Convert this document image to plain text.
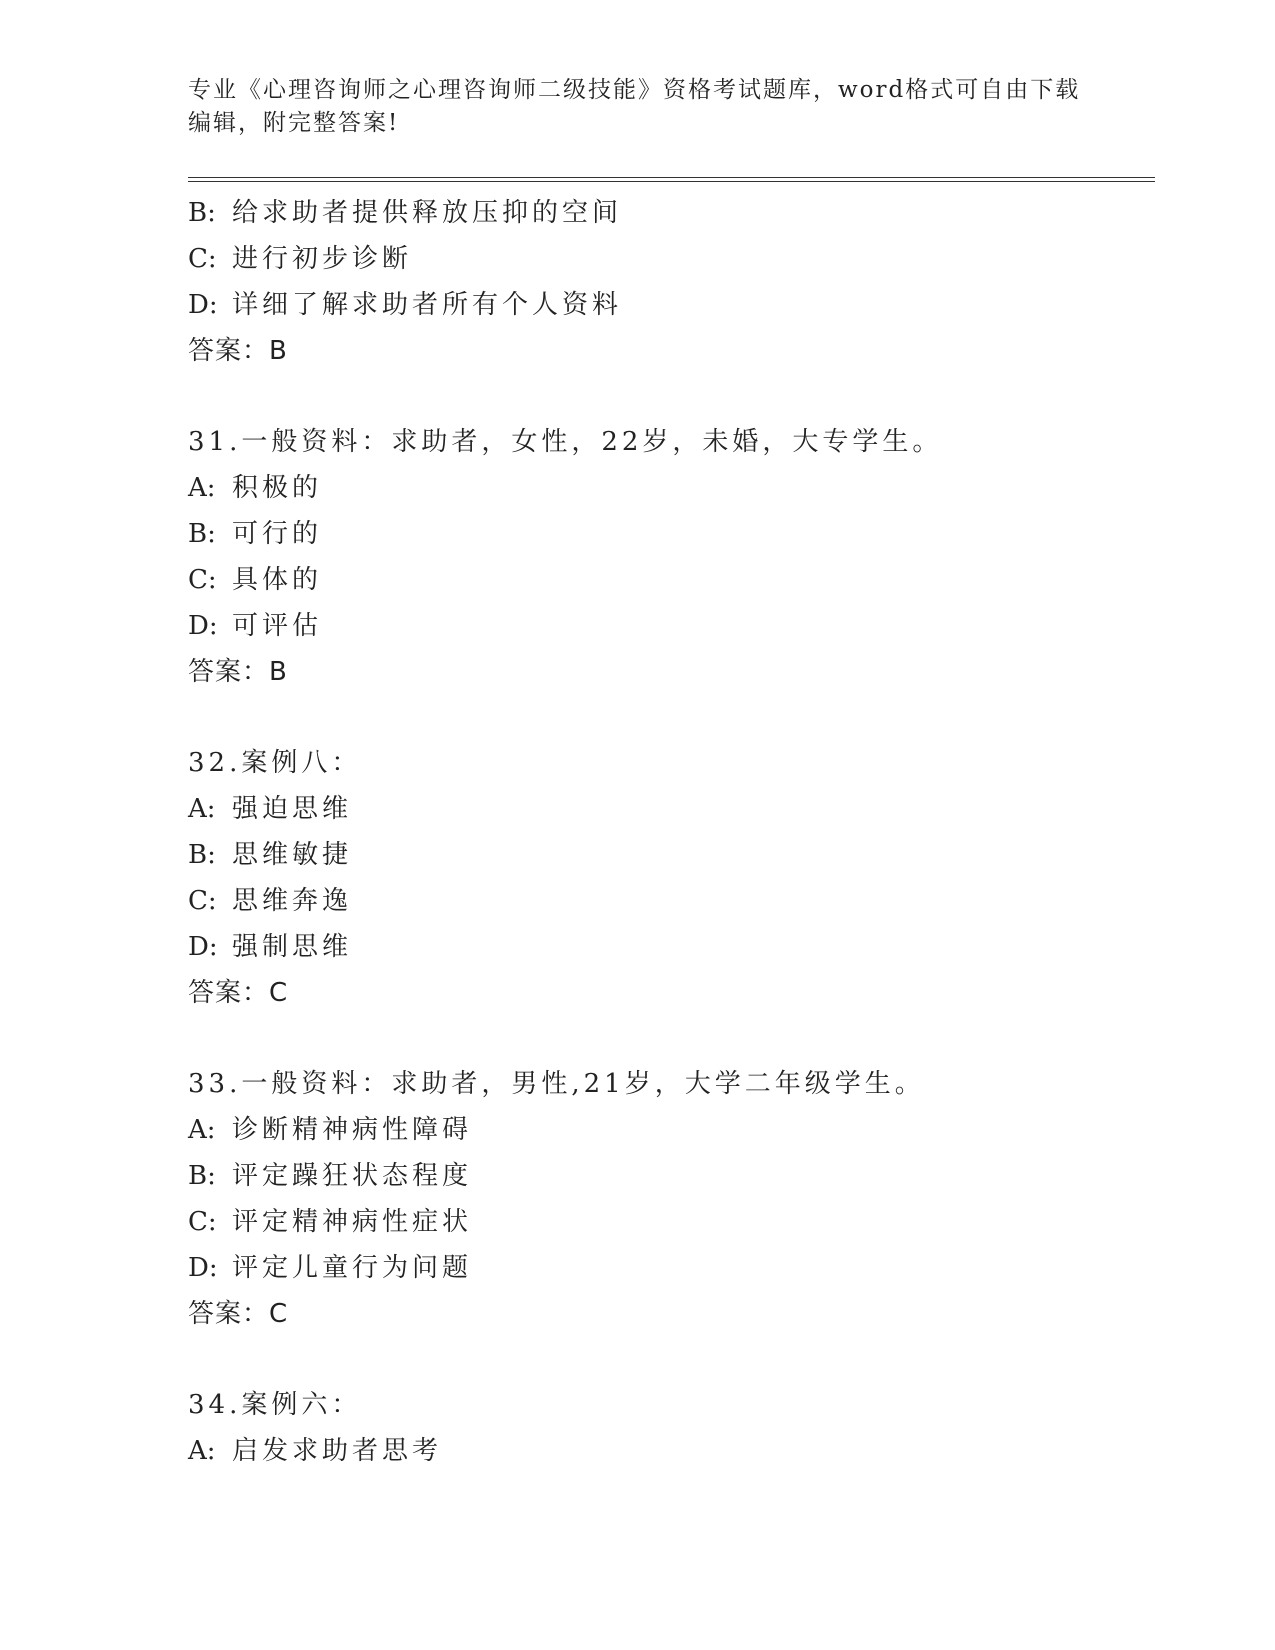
专业《心理咨询师之心理咨询师二级技能》资格考试题库，word格式可自由下载
编辑，附完整答案!
B: 给求助者提供释放压抑的空间
C: 进行初步诊断
D: 详细了解求助者所有个人资料
答案：B
31.一般资料：求助者，女性，22岁，未婚，大专学生。
A: 积极的
B: 可行的
C: 具体的
D: 可评估
答案：B
32.案例八：
A: 强迫思维
B: 思维敏捷
C: 思维奔逸
D: 强制思维
答案：C
33.一般资料：求助者，男性,21岁，大学二年级学生。
A: 诊断精神病性障碍
B: 评定躁狂状态程度
C: 评定精神病性症状
D: 评定儿童行为问题
答案：C
34.案例六：
A: 启发求助者思考
